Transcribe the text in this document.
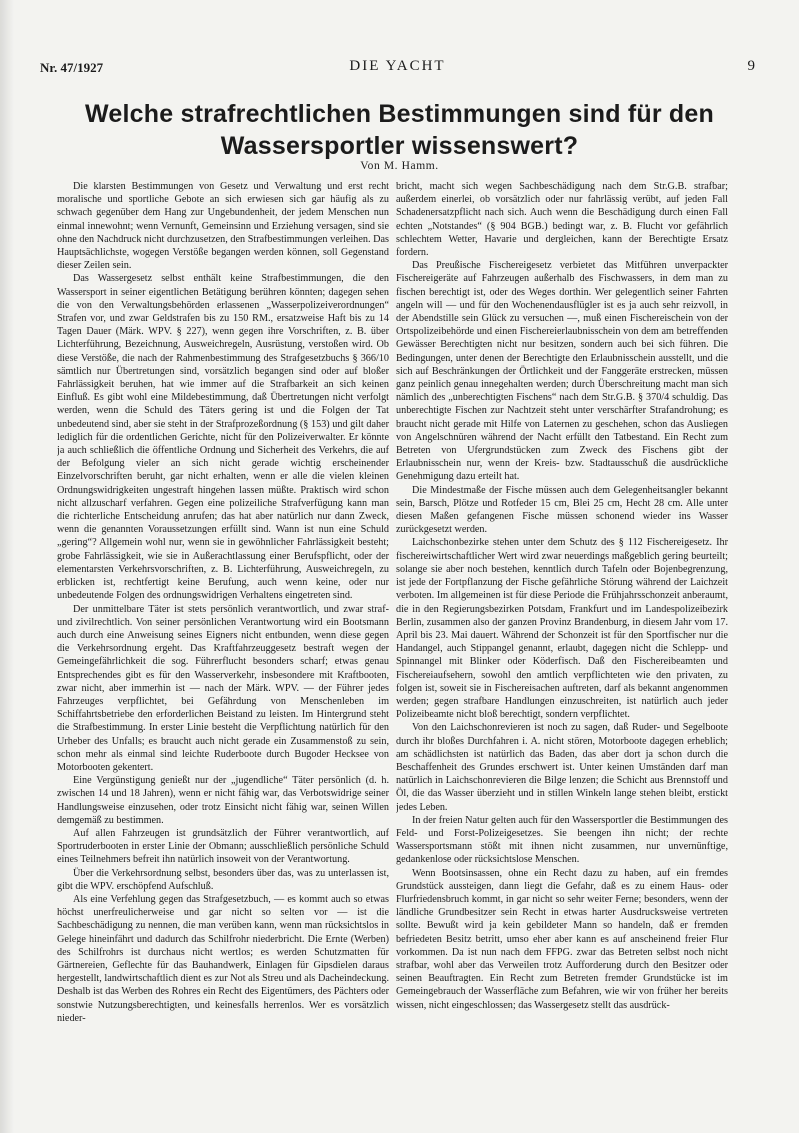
Nr. 47/1927	DIE YACHT	9
Welche strafrechtlichen Bestimmungen sind für den
Wassersportler wissenswert?
Von M. Hamm.

Die klarsten Bestimmungen von Gesetz und Verwaltung und erst recht moralische und sportliche Gebote an sich erwiesen sich gar häufig als zu schwach gegenüber dem Hang zur Ungebundenheit, der jedem Menschen nun einmal innewohnt; wenn Vernunft, Gemeinsinn und Erziehung versagen, sind sie ohne den Nachdruck nicht durchzusetzen, den Strafbestimmungen verleihen. Das Hauptsächlichste, wogegen Verstöße begangen werden können, soll Gegenstand dieser Zeilen sein.

Das Wassergesetz selbst enthält keine Strafbestimmungen, die den Wassersport in seiner eigentlichen Betätigung berühren könnten; dagegen sehen die von den Verwaltungsbehörden erlassenen „Wasserpolizeiverordnungen“ Strafen vor, und zwar Geldstrafen bis zu 150 RM., ersatzweise Haft bis zu 14 Tagen Dauer (Märk. WPV. § 227), wenn gegen ihre Vorschriften, z. B. über Lichterführung, Bezeichnung, Ausweichregeln, Ausrüstung, verstoßen wird. Ob diese Verstöße, die nach der Rahmenbestimmung des Strafgesetzbuchs § 366/10 sämtlich nur Übertretungen sind, vorsätzlich begangen sind oder auf bloßer Fahrlässigkeit beruhen, hat wie immer auf die Strafbarkeit an sich keinen Einfluß. Es gibt wohl eine Mildebestimmung, daß Übertretungen nicht verfolgt werden, wenn die Schuld des Täters gering ist und die Folgen der Tat unbedeutend sind, aber sie steht in der Strafprozeßordnung (§ 153) und gilt daher lediglich für die ordentlichen Gerichte, nicht für den Polizeiverwalter. Er könnte ja auch schließlich die öffentliche Ordnung und Sicherheit des Verkehrs, die auf der Befolgung vieler an sich nicht gerade wichtig erscheinender Einzelvorschriften beruht, gar nicht erhalten, wenn er alle die vielen kleinen Ordnungswidrigkeiten ungestraft hingehen lassen müßte. Praktisch wird schon nicht allzuscharf verfahren. Gegen eine polizeiliche Strafverfügung kann man die richterliche Entscheidung anrufen; das hat aber natürlich nur dann Zweck, wenn die genannten Voraussetzungen erfüllt sind. Wann ist nun eine Schuld „gering“? Allgemein wohl nur, wenn sie in gewöhnlicher Fahrlässigkeit besteht; grobe Fahrlässigkeit, wie sie in Außerachtlassung einer Berufspflicht, oder der elementarsten Verkehrsvorschriften, z. B. Lichterführung, Ausweichregeln, zu erblicken ist, rechtfertigt keine Berufung, auch wenn keine, oder nur unbedeutende Folgen des ordnungswidrigen Verhaltens eingetreten sind.

Der unmittelbare Täter ist stets persönlich verantwortlich, und zwar straf- und zivilrechtlich. Von seiner persönlichen Verantwortung wird ein Bootsmann auch durch eine Anweisung seines Eigners nicht entbunden, wenn diese gegen die Verkehrsordnung ergeht. Das Kraftfahrzeuggesetz bestraft wegen der Gemeingefährlichkeit die sog. Führerflucht besonders scharf; etwas genau Entsprechendes gibt es für den Wasserverkehr, insbesondere mit Kraftbooten, zwar nicht, aber immerhin ist — nach der Märk. WPV. — der Führer jedes Fahrzeuges verpflichtet, bei Gefährdung von Menschenleben im Schiffahrtsbetriebe den erforderlichen Beistand zu leisten. Im Hintergrund steht die Strafbestimmung. In erster Linie besteht die Verpflichtung natürlich für den Urheber des Unfalls; es braucht auch nicht gerade ein Zusammenstoß zu sein, schon mehr als einmal sind leichte Ruderboote durch Bugoder Hecksee von Motorbooten gekentert.

Eine Vergünstigung genießt nur der „jugendliche“ Täter persönlich (d. h. zwischen 14 und 18 Jahren), wenn er nicht fähig war, das Verbotswidrige seiner Handlungsweise einzusehen, oder trotz Einsicht nicht fähig war, seinen Willen demgemäß zu bestimmen.

Auf allen Fahrzeugen ist grundsätzlich der Führer verantwortlich, auf Sportruderbooten in erster Linie der Obmann; ausschließlich persönliche Schuld eines Teilnehmers befreit ihn natürlich insoweit von der Verantwortung.

Über die Verkehrsordnung selbst, besonders über das, was zu unterlassen ist, gibt die WPV. erschöpfend Aufschluß.

Als eine Verfehlung gegen das Strafgesetzbuch, — es kommt auch so etwas höchst unerfreulicherweise und gar nicht so selten vor — ist die Sachbeschädigung zu nennen, die man verüben kann, wenn man rücksichtslos in Gelege hineinfährt und dadurch das Schilfrohr niederbricht. Die Ernte (Werben) des Schilfrohrs ist durchaus nicht wertlos; es werden Schutzmatten für Gärtnereien, Geflechte für das Bauhandwerk, Einlagen für Gipsdielen daraus hergestellt, landwirtschaftlich dient es zur Not als Streu und als Dacheindeckung. Deshalb ist das Werben des Rohres ein Recht des Eigentümers, des Pächters oder sonstwie Nutzungsberechtigten, und keinesfalls herrenlos. Wer es vorsätzlich nieder-

bricht, macht sich wegen Sachbeschädigung nach dem Str.G.B. strafbar; außerdem einerlei, ob vorsätzlich oder nur fahrlässig verübt, auf jeden Fall Schadenersatzpflicht nach sich. Auch wenn die Beschädigung durch einen Fall echten „Notstandes“ (§ 904 BGB.) bedingt war, z. B. Flucht vor gefährlich schlechtem Wetter, Havarie und dergleichen, kann der Berechtigte Ersatz fordern.

Das Preußische Fischereigesetz verbietet das Mitführen unverpackter Fischereigeräte auf Fahrzeugen außerhalb des Fischwassers, in dem man zu fischen berechtigt ist, oder des Weges dorthin. Wer gelegentlich seiner Fahrten angeln will — und für den Wochenendausflügler ist es ja auch sehr reizvoll, in der Abendstille sein Glück zu versuchen —, muß einen Fischereischein von der Ortspolizeibehörde und einen Fischereierlaubnisschein von dem am betreffenden Gewässer Berechtigten nicht nur besitzen, sondern auch bei sich führen. Die Bedingungen, unter denen der Berechtigte den Erlaubnisschein ausstellt, und die sich auf Beschränkungen der Örtlichkeit und der Fanggeräte erstrecken, müssen ganz peinlich genau innegehalten werden; durch Überschreitung macht man sich nämlich des „unberechtigten Fischens“ nach dem Str.G.B. § 370/4 schuldig. Das unberechtigte Fischen zur Nachtzeit steht unter verschärfter Strafandrohung; es braucht nicht gerade mit Hilfe von Laternen zu geschehen, schon das Ausliegen von Angelschnüren während der Nacht erfüllt den Tatbestand. Ein Recht zum Betreten von Ufergrundstücken zum Zweck des Fischens gibt der Erlaubnisschein nur, wenn der Kreis- bzw. Stadtausschuß die ausdrückliche Genehmigung dazu erteilt hat.

Die Mindestmaße der Fische müssen auch dem Gelegenheitsangler bekannt sein, Barsch, Plötze und Rotfeder 15 cm, Blei 25 cm, Hecht 28 cm. Alle unter diesen Maßen gefangenen Fische müssen schonend wieder ins Wasser zurückgesetzt werden.

Laichschonbezirke stehen unter dem Schutz des § 112 Fischereigesetz. Ihr fischereiwirtschaftlicher Wert wird zwar neuerdings maßgeblich gering beurteilt; solange sie aber noch bestehen, kenntlich durch Tafeln oder Bojenbegrenzung, ist jede der Fortpflanzung der Fische gefährliche Störung während der Laichzeit verboten. Im allgemeinen ist für diese Periode die Frühjahrsschonzeit anberaumt, die in den Regierungsbezirken Potsdam, Frankfurt und im Landespolizeibezirk Berlin, zusammen also der ganzen Provinz Brandenburg, in diesem Jahr vom 17. April bis 23. Mai dauert. Während der Schonzeit ist für den Sportfischer nur die Handangel, auch Stippangel genannt, erlaubt, dagegen nicht die Schlepp- und Spinnangel mit Blinker oder Köderfisch. Daß den Fischereibeamten und Fischereiaufsehern, sowohl den amtlich verpflichteten wie den privaten, zu folgen ist, soweit sie in Fischereisachen auftreten, darf als bekannt angenommen werden; gegen strafbare Handlungen einzuschreiten, ist natürlich auch jeder Polizeibeamte nicht bloß berechtigt, sondern verpflichtet.

Von den Laichschonrevieren ist noch zu sagen, daß Ruder- und Segelboote durch ihr bloßes Durchfahren i. A. nicht stören, Motorboote dagegen erheblich; am schädlichsten ist natürlich das Baden, das aber dort ja schon durch die Beschaffenheit des Grundes erschwert ist. Unter keinen Umständen darf man natürlich in Laichschonrevieren die Bilge lenzen; die Schicht aus Brennstoff und Öl, die das Wasser überzieht und in stillen Winkeln lange stehen bleibt, erstickt jedes Leben.

In der freien Natur gelten auch für den Wassersportler die Bestimmungen des Feld- und Forst-Polizeigesetzes. Sie beengen ihn nicht; der rechte Wassersportsmann stößt mit ihnen nicht zusammen, nur unvernünftige, gedankenlose oder rücksichtslose Menschen.

Wenn Bootsinsassen, ohne ein Recht dazu zu haben, auf ein fremdes Grundstück aussteigen, dann liegt die Gefahr, daß es zu einem Haus- oder Flurfriedensbruch kommt, in gar nicht so sehr weiter Ferne; besonders, wenn der ländliche Grundbesitzer sein Recht in etwas harter Ausdrucksweise vertreten sollte. Bewußt wird ja kein gebildeter Mann so handeln, daß er fremden befriedeten Besitz betritt, umso eher aber kann es auf anscheinend freier Flur vorkommen. Da ist nun nach dem FFPG. zwar das Betreten selbst noch nicht strafbar, wohl aber das Verweilen trotz Aufforderung durch den Besitzer oder seinen Beauftragten. Ein Recht zum Betreten fremder Grundstücke ist im Gemeingebrauch der Wasserfläche zum Befahren, wie wir von früher her bereits wissen, nicht eingeschlossen; das Wassergesetz stellt das ausdrück-
